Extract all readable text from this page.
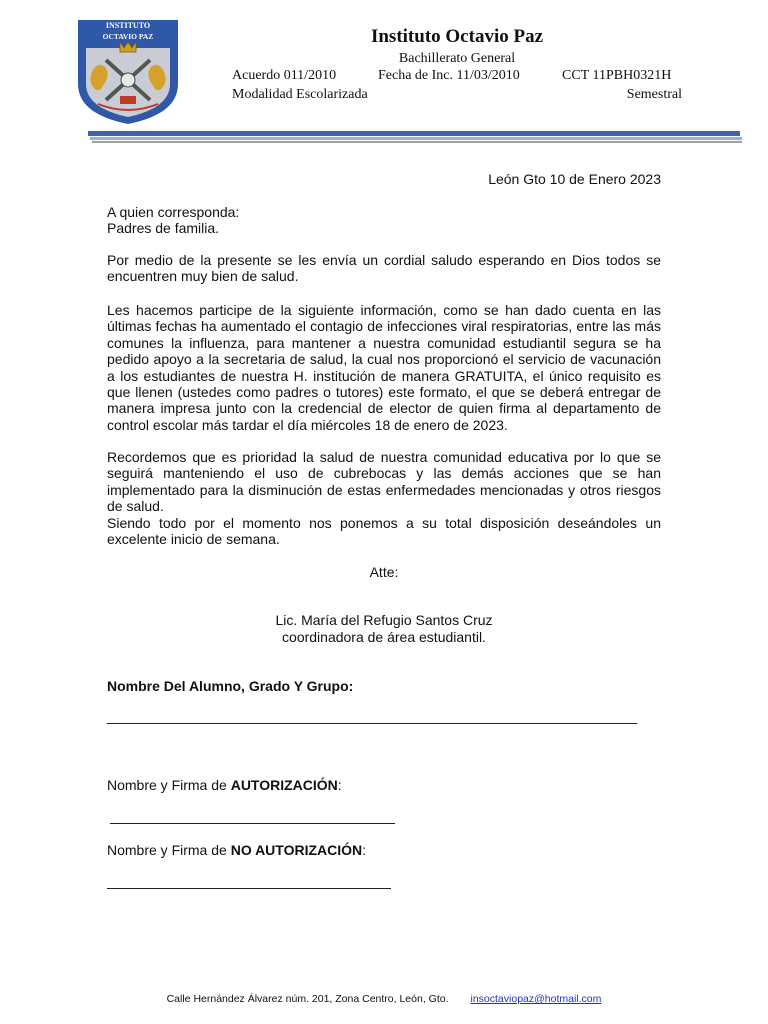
INSTITUTO
OCTAVIO PAZ	Instituto Octavio Paz
Bachillerato General
Acuerdo 011/2010	Fecha de Inc. 11/03/2010	CCT 11PBH0321H
Modalidad Escolarizada	Semestral
León Gto 10 de Enero 2023
A quien corresponda:
Padres de familia.
Por medio de la presente se les envía un cordial saludo esperando en Dios todos se encuentren muy bien de salud.
Les hacemos participe de la siguiente información, como se han dado cuenta en las últimas fechas ha aumentado el contagio de infecciones viral respiratorias, entre las más comunes la influenza, para mantener a nuestra comunidad estudiantil segura se ha pedido apoyo a la secretaria de salud, la cual nos proporcionó el servicio de vacunación a los estudiantes de nuestra H. institución de manera GRATUITA, el único requisito es que llenen (ustedes como padres o tutores) este formato, el que se deberá entregar de manera impresa junto con la credencial de elector de quien firma al departamento de control escolar más tardar el día miércoles 18 de enero de 2023.
Recordemos que es prioridad la salud de nuestra comunidad educativa por lo que se seguirá manteniendo el uso de cubrebocas y las demás acciones que se han implementado para la disminución de estas enfermedades mencionadas y otros riesgos de salud.
Siendo todo por el momento nos ponemos a su total disposición deseándoles un excelente inicio de semana.
Atte:
Lic. María del Refugio Santos Cruz
coordinadora de área estudiantil.
Nombre Del Alumno, Grado Y Grupo:
Nombre y Firma de AUTORIZACIÓN:
Nombre y Firma de NO AUTORIZACIÓN:
Calle Hernández Álvarez núm. 201, Zona Centro, León, Gto. insoctaviopaz@hotmail.com
